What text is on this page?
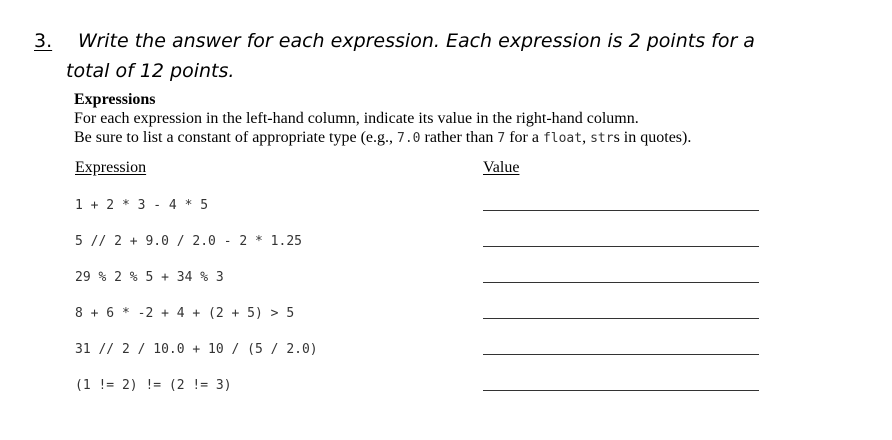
3. Write the answer for each expression. Each expression is 2 points for a
total of 12 points.
Expressions
For each expression in the left-hand column, indicate its value in the right-hand column.
Be sure to list a constant of appropriate type (e.g., 7.0 rather than 7 for a float, strs in quotes).
Expression	Value
1 + 2 * 3 - 4 * 5
5 // 2 + 9.0 / 2.0 - 2 * 1.25
29 % 2 % 5 + 34 % 3
8 + 6 * -2 + 4 + (2 + 5) > 5
31 // 2 / 10.0 + 10 / (5 / 2.0)
(1 != 2) != (2 != 3)
